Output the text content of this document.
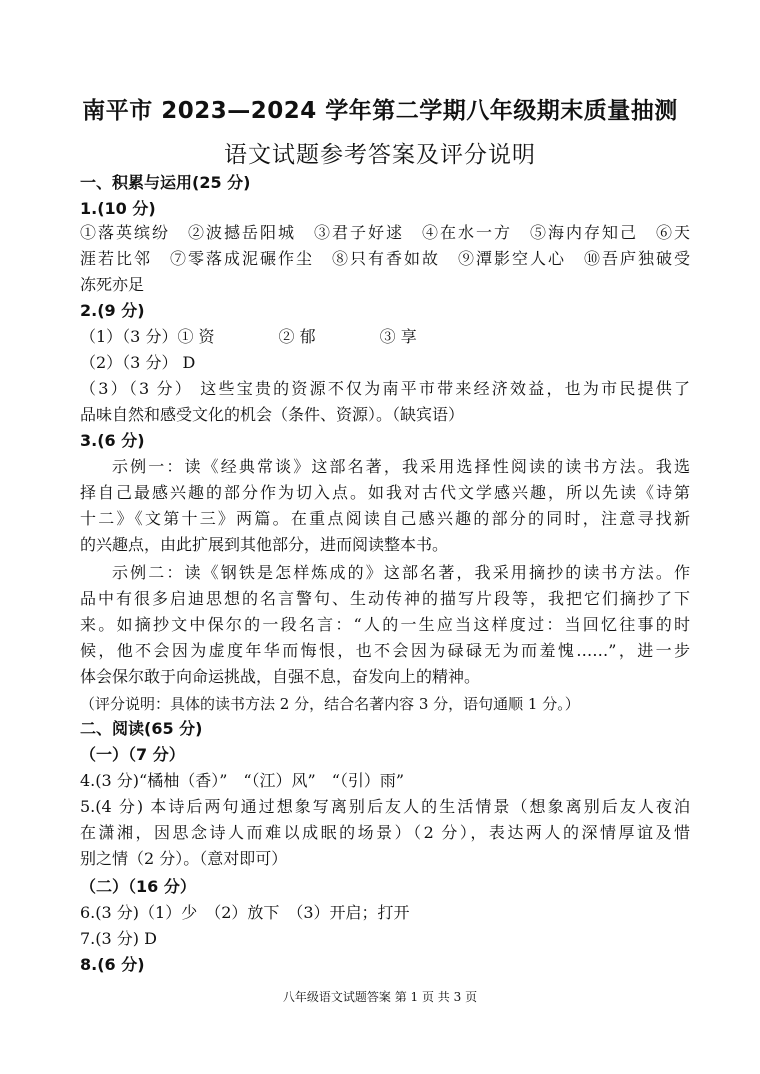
南平市 2023—2024 学年第二学期八年级期末质量抽测
语文试题参考答案及评分说明
一、积累与运用(25 分)
1.(10 分)
①落英缤纷　②波撼岳阳城　③君子好逑　④在水一方　⑤海内存知己　⑥天
涯若比邻　⑦零落成泥碾作尘　⑧只有香如故　⑨潭影空人心　⑩吾庐独破受
冻死亦足
2.(9 分)
（1）（3 分）① 资　　　　② 郁　　　　③ 享
（2）（3 分） D
（3）（3 分） 这些宝贵的资源不仅为南平市带来经济效益，也为市民提供了
品味自然和感受文化的机会（条件、资源）。（缺宾语）
3.(6 分)
示例一：读《经典常谈》这部名著，我采用选择性阅读的读书方法。我选
择自己最感兴趣的部分作为切入点。如我对古代文学感兴趣，所以先读《诗第
十二》《文第十三》两篇。在重点阅读自己感兴趣的部分的同时，注意寻找新
的兴趣点，由此扩展到其他部分，进而阅读整本书。
示例二：读《钢铁是怎样炼成的》这部名著，我采用摘抄的读书方法。作
品中有很多启迪思想的名言警句、生动传神的描写片段等，我把它们摘抄了下
来。如摘抄文中保尔的一段名言：“人的一生应当这样度过：当回忆往事的时
候，他不会因为虚度年华而悔恨，也不会因为碌碌无为而羞愧……”，进一步
体会保尔敢于向命运挑战，自强不息，奋发向上的精神。
（评分说明：具体的读书方法 2 分，结合名著内容 3 分，语句通顺 1 分。）
二、阅读(65 分)
（一）（7 分）
4.(3 分)“橘柚（香）”　“（江）风”　“（引）雨”
5.(4 分) 本诗后两句通过想象写离别后友人的生活情景（想象离别后友人夜泊
在潇湘，因思念诗人而难以成眠的场景）（2 分），表达两人的深情厚谊及惜
别之情（2 分）。（意对即可）
（二）（16 分）
6.(3 分)（1）少　（2）放下　（3）开启；打开
7.(3 分) D
8.(6 分)
八年级语文试题答案 第 1 页 共 3 页
